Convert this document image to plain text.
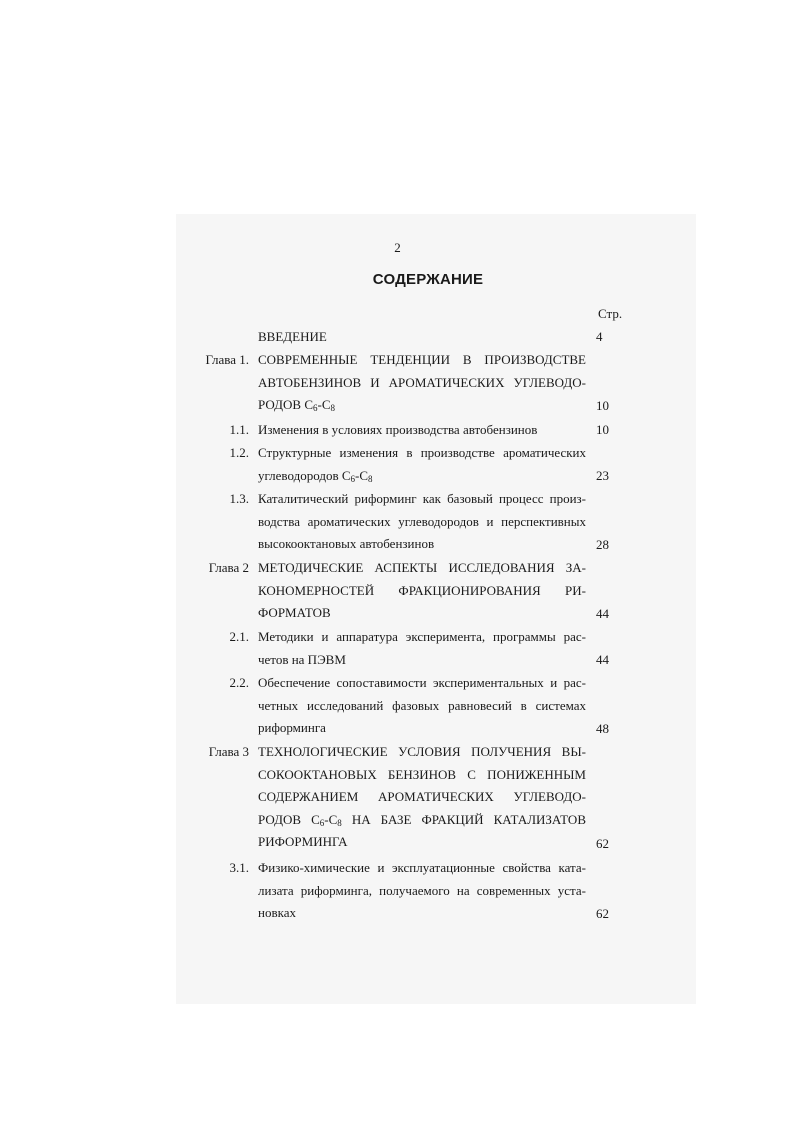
2
СОДЕРЖАНИЕ
Стр.
ВВЕДЕНИЕ	4
Глава 1. СОВРЕМЕННЫЕ ТЕНДЕНЦИИ В ПРОИЗВОДСТВЕ
АВТОБЕНЗИНОВ И АРОМАТИЧЕСКИХ УГЛЕВОДО-
РОДОВ $C_6-C_8$	10
1.1. Изменения в условиях производства автобензинов	10
1.2. Структурные изменения в производстве ароматических
углеводородов $C_6-C_8$	23
1.3. Каталитический риформинг как базовый процесс произ-
водства ароматических углеводородов и перспективных
высокооктановых автобензинов	28
Глава 2 МЕТОДИЧЕСКИЕ АСПЕКТЫ ИССЛЕДОВАНИЯ ЗА-
КОНОМЕРНОСТЕЙ ФРАКЦИОНИРОВАНИЯ РИ-
ФОРМАТОВ	44
2.1. Методики и аппаратура эксперимента, программы рас-
четов на ПЭВМ	44
2.2. Обеспечение сопоставимости экспериментальных и рас-
четных исследований фазовых равновесий в системах
риформинга	48
Глава 3 ТЕХНОЛОГИЧЕСКИЕ УСЛОВИЯ ПОЛУЧЕНИЯ ВЫ-
СОКООКТАНОВЫХ БЕНЗИНОВ С ПОНИЖЕННЫМ
СОДЕРЖАНИЕМ АРОМАТИЧЕСКИХ УГЛЕВОДО-
РОДОВ $C_6-C_8$ НА БАЗЕ ФРАКЦИЙ КАТАЛИЗАТОВ
РИФОРМИНГА	62
3.1. Физико-химические и эксплуатационные свойства ката-
лизата риформинга, получаемого на современных уста-
новках	62
